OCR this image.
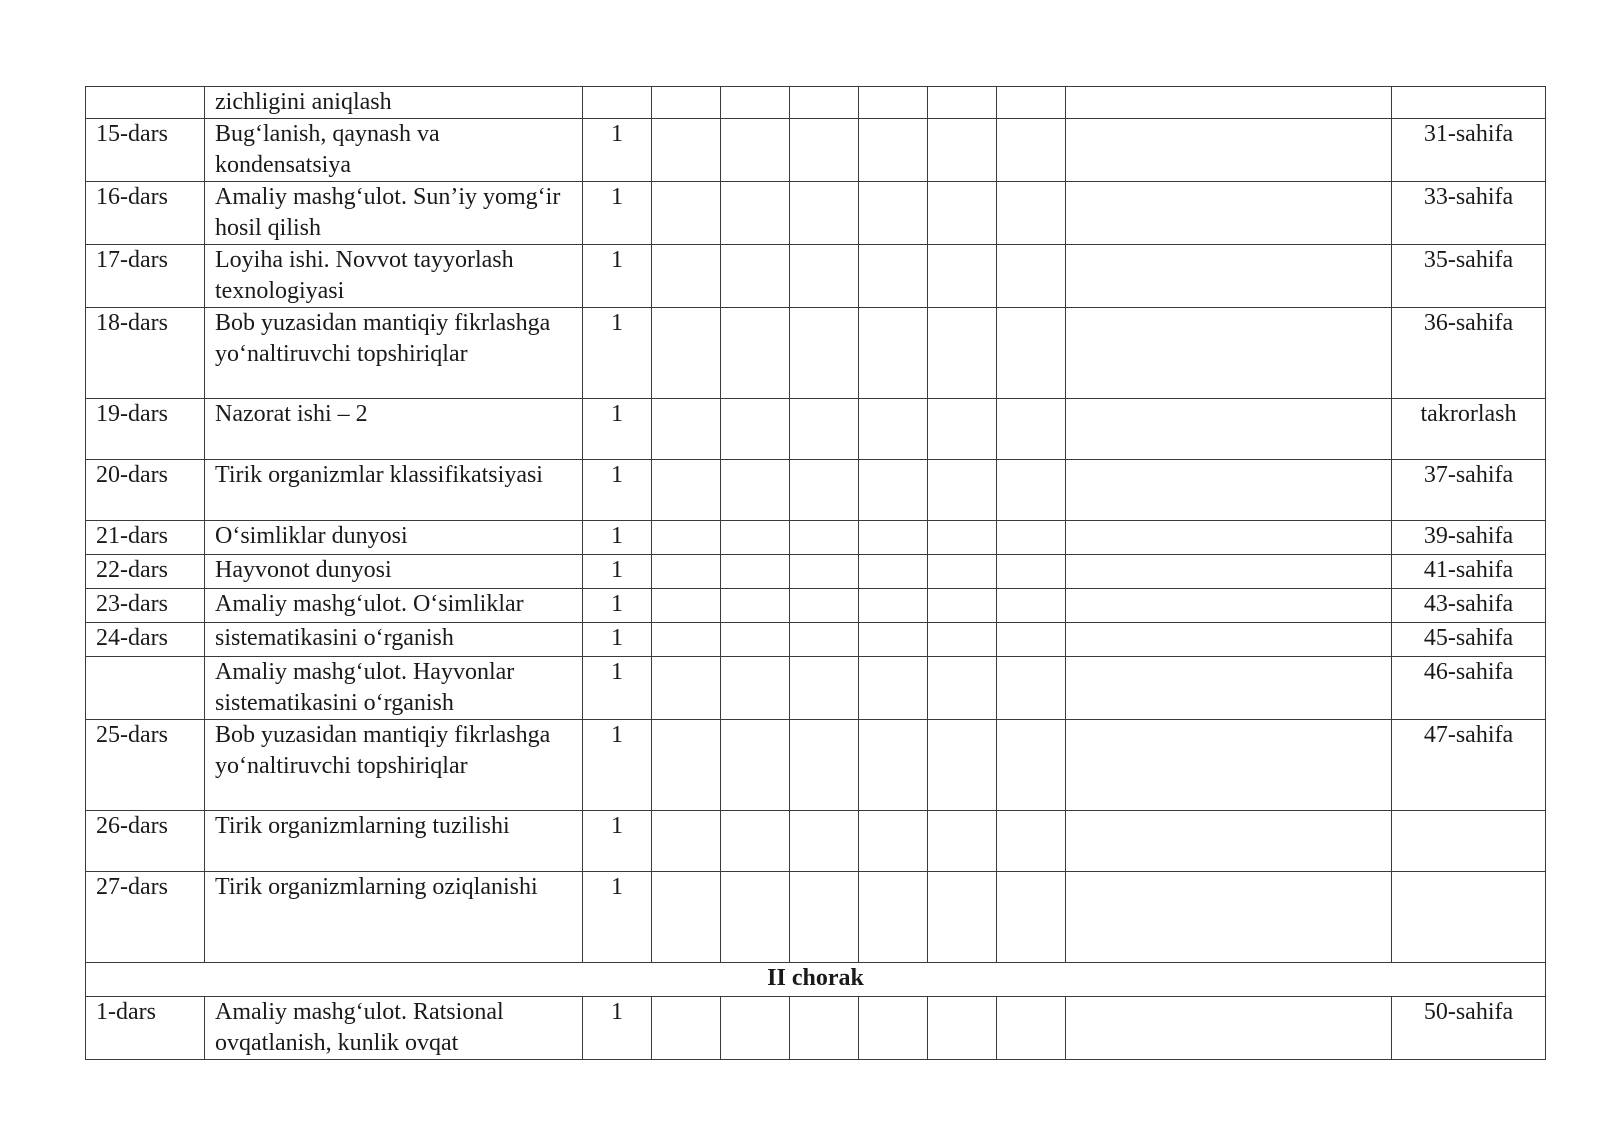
	zichligini aniqlash										
15-dars	Bug‘lanish, qaynash va kondensatsiya	1								31-sahifa	
16-dars	Amaliy mashg‘ulot. Sun’iy yomg‘ir hosil qilish	1								33-sahifa	
17-dars	Loyiha ishi. Novvot tayyorlash texnologiyasi	1								35-sahifa	
18-dars	Bob yuzasidan mantiqiy fikrlashga yo‘naltiruvchi topshiriqlar	1								36-sahifa	
19-dars	Nazorat ishi – 2	1								takrorlash	
20-dars	Tirik organizmlar klassifikatsiyasi	1								37-sahifa	
21-dars	O‘simliklar dunyosi	1								39-sahifa	
22-dars	Hayvonot dunyosi	1								41-sahifa	
23-dars	Amaliy mashg‘ulot. O‘simliklar	1								43-sahifa	
24-dars	sistematikasini o‘rganish	1								45-sahifa	
	Amaliy mashg‘ulot. Hayvonlar sistematikasini o‘rganish	1								46-sahifa	
25-dars	Bob yuzasidan mantiqiy fikrlashga yo‘naltiruvchi topshiriqlar	1								47-sahifa	
26-dars	Tirik organizmlarning tuzilishi	1									
27-dars	Tirik organizmlarning oziqlanishi	1									
II chorak											
1-dars	Amaliy mashg‘ulot. Ratsional ovqatlanish, kunlik ovqat	1								50-sahifa	
